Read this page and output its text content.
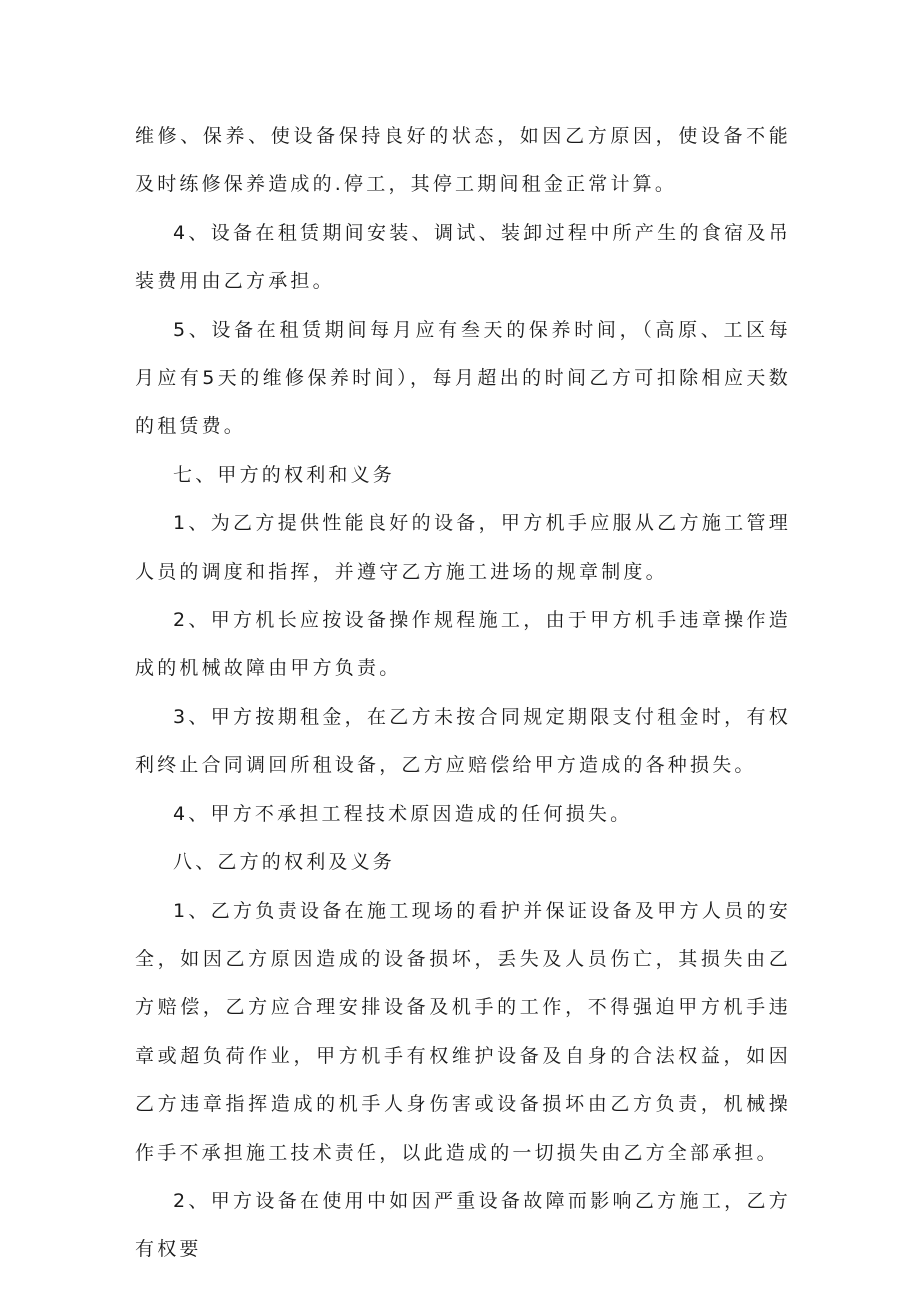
维修、保养、使设备保持良好的状态，如因乙方原因，使设备不能及时练修保养造成的.停工，其停工期间租金正常计算。

4、设备在租赁期间安装、调试、装卸过程中所产生的食宿及吊装费用由乙方承担。

5、设备在租赁期间每月应有叁天的保养时间，（高原、工区每月应有5天的维修保养时间），每月超出的时间乙方可扣除相应天数的租赁费。

七、甲方的权利和义务

1、为乙方提供性能良好的设备，甲方机手应服从乙方施工管理人员的调度和指挥，并遵守乙方施工进场的规章制度。

2、甲方机长应按设备操作规程施工，由于甲方机手违章操作造成的机械故障由甲方负责。

3、甲方按期租金，在乙方未按合同规定期限支付租金时，有权利终止合同调回所租设备，乙方应赔偿给甲方造成的各种损失。

4、甲方不承担工程技术原因造成的任何损失。

八、乙方的权利及义务

1、乙方负责设备在施工现场的看护并保证设备及甲方人员的安全，如因乙方原因造成的设备损坏，丢失及人员伤亡，其损失由乙方赔偿，乙方应合理安排设备及机手的工作，不得强迫甲方机手违章或超负荷作业，甲方机手有权维护设备及自身的合法权益，如因乙方违章指挥造成的机手人身伤害或设备损坏由乙方负责，机械操作手不承担施工技术责任，以此造成的一切损失由乙方全部承担。

2、甲方设备在使用中如因严重设备故障而影响乙方施工，乙方有权要
